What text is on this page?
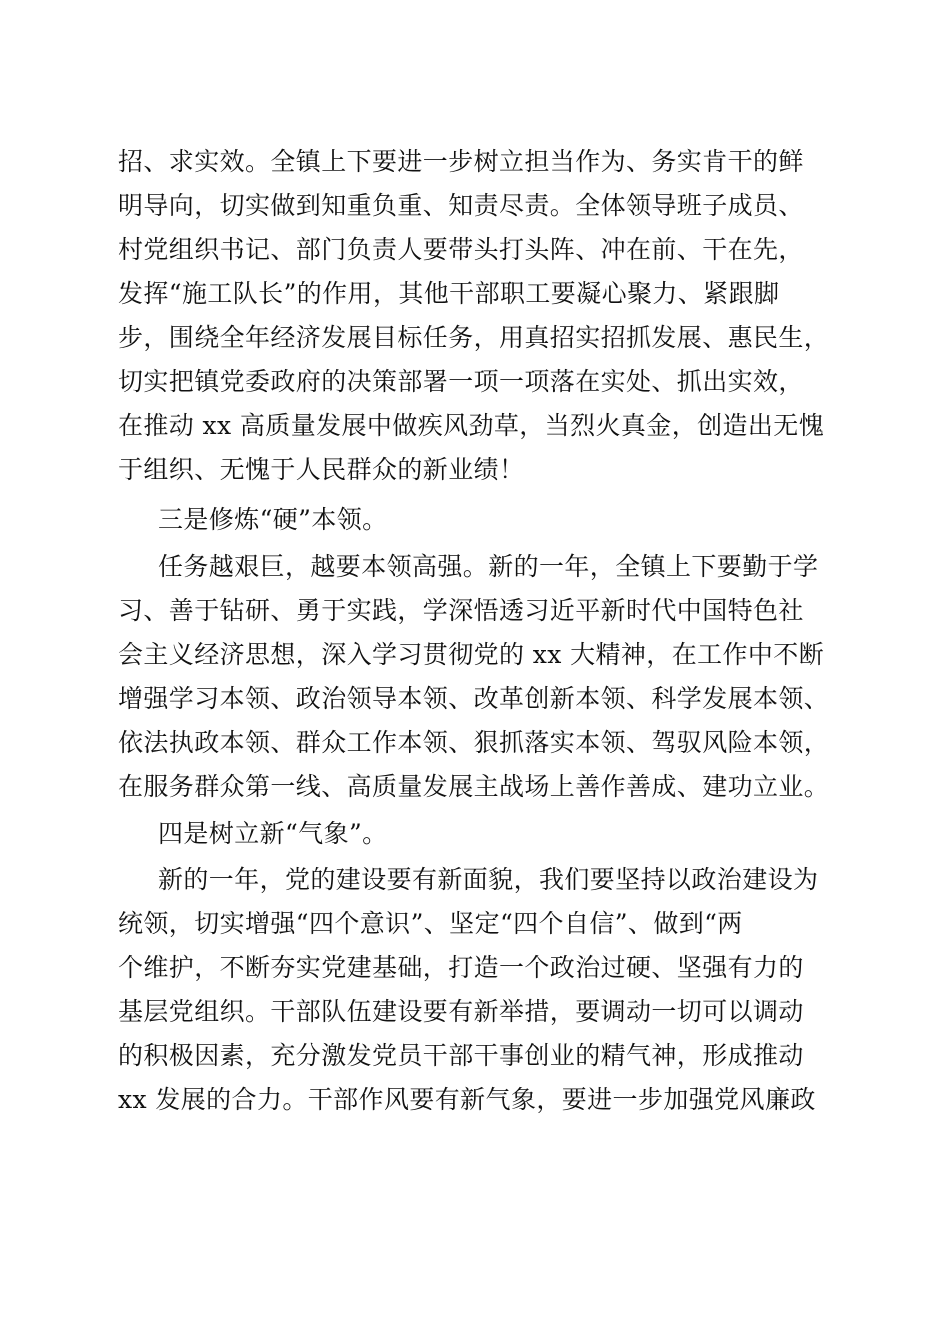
招、求实效。全镇上下要进一步树立担当作为、务实肯干的鲜
明导向，切实做到知重负重、知责尽责。全体领导班子成员、
村党组织书记、部门负责人要带头打头阵、冲在前、干在先，
发挥“施工队长”的作用，其他干部职工要凝心聚力、紧跟脚
步，围绕全年经济发展目标任务，用真招实招抓发展、惠民生，
切实把镇党委政府的决策部署一项一项落在实处、抓出实效，
在推动 xx 高质量发展中做疾风劲草，当烈火真金，创造出无愧
于组织、无愧于人民群众的新业绩！
三是修炼“硬”本领。
任务越艰巨，越要本领高强。新的一年，全镇上下要勤于学
习、善于钻研、勇于实践，学深悟透习近平新时代中国特色社
会主义经济思想，深入学习贯彻党的 xx 大精神，在工作中不断
增强学习本领、政治领导本领、改革创新本领、科学发展本领、
依法执政本领、群众工作本领、狠抓落实本领、驾驭风险本领，
在服务群众第一线、高质量发展主战场上善作善成、建功立业。
四是树立新“气象”。
新的一年，党的建设要有新面貌，我们要坚持以政治建设为
统领，切实增强“四个意识”、坚定“四个自信”、做到“两
个维护，不断夯实党建基础，打造一个政治过硬、坚强有力的
基层党组织。干部队伍建设要有新举措，要调动一切可以调动
的积极因素，充分激发党员干部干事创业的精气神，形成推动
xx 发展的合力。干部作风要有新气象，要进一步加强党风廉政
